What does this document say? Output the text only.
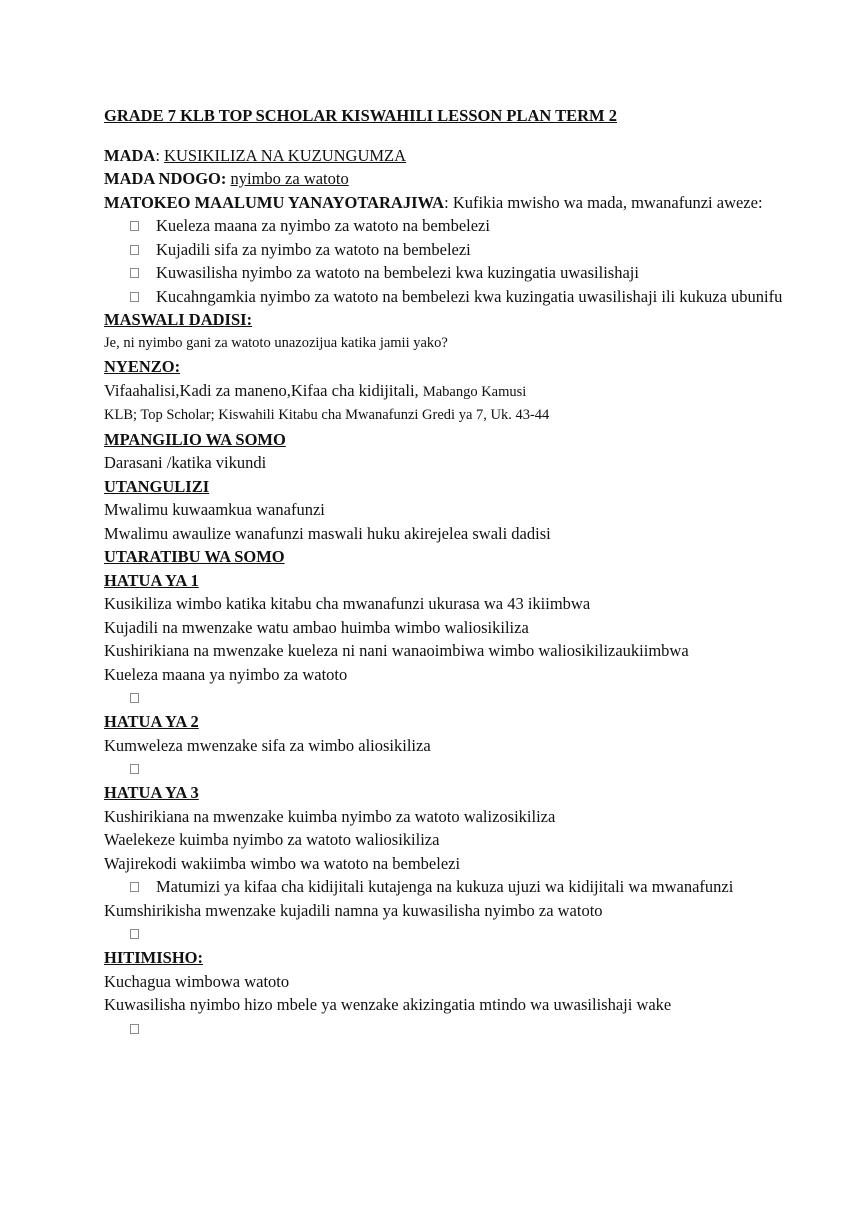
GRADE 7 KLB TOP SCHOLAR KISWAHILI LESSON PLAN TERM 2
MADA: KUSIKILIZA NA KUZUNGUMZA
MADA NDOGO: nyimbo za watoto
MATOKEO MAALUMU YANAYOTARAJIWA: Kufikia mwisho wa mada, mwanafunzi aweze:
Kueleza maana za nyimbo za watoto na bembelezi
Kujadili sifa za nyimbo za watoto na bembelezi
Kuwasilisha nyimbo za watoto na bembelezi kwa kuzingatia uwasilishaji
Kucahngamkia nyimbo za watoto na bembelezi kwa kuzingatia uwasilishaji ili kukuza ubunifu
MASWALI DADISI:
Je, ni nyimbo gani za watoto unazozijua katika jamii yako?
NYENZO:
Vifaahalisi,Kadi za maneno,Kifaa cha kidijitali, Mabango Kamusi
KLB; Top Scholar; Kiswahili Kitabu cha Mwanafunzi Gredi ya 7, Uk. 43-44
MPANGILIO WA SOMO
Darasani /katika vikundi
UTANGULIZI
Mwalimu kuwaamkua wanafunzi
Mwalimu awaulize wanafunzi maswali huku akirejelea swali dadisi
UTARATIBU WA SOMO
HATUA YA 1
Kusikiliza wimbo katika kitabu cha mwanafunzi ukurasa wa 43 ikiimbwa
Kujadili na mwenzake watu ambao huimba wimbo waliosikiliza
Kushirikiana na mwenzake kueleza ni nani wanaoimbiwa wimbo waliosikilizaukiimbwa
Kueleza maana ya nyimbo za watoto
HATUA YA 2
Kumweleza mwenzake sifa za wimbo aliosikiliza
HATUA YA 3
Kushirikiana na mwenzake kuimba nyimbo za watoto walizosikiliza
Waelekeze kuimba nyimbo za watoto waliosikiliza
Wajirekodi wakiimba wimbo wa watoto na bembelezi
Matumizi ya kifaa cha kidijitali kutajenga na kukuza ujuzi wa kidijitali wa mwanafunzi
Kumshirikisha mwenzake kujadili namna ya kuwasilisha nyimbo za watoto
HITIMISHO:
Kuchagua wimbowa watoto
Kuwasilisha nyimbo hizo mbele ya wenzake akizingatia mtindo wa uwasilishaji wake
